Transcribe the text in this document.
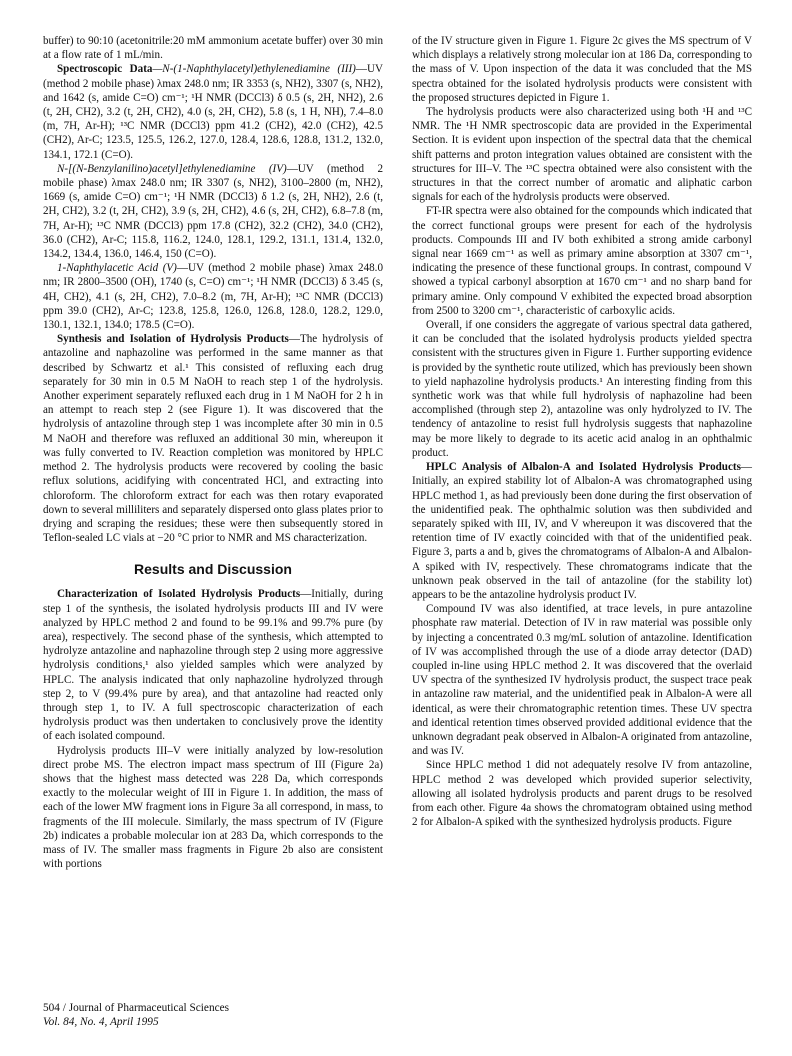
buffer) to 90:10 (acetonitrile:20 mM ammonium acetate buffer) over 30 min at a flow rate of 1 mL/min.

Spectroscopic Data—N-(1-Naphthylacetyl)ethylenediamine (III)—UV (method 2 mobile phase) λmax 248.0 nm; IR 3353 (s, NH2), 3307 (s, NH2), and 1642 (s, amide C=O) cm⁻¹; ¹H NMR (DCCl3) δ 0.5 (s, 2H, NH2), 2.6 (t, 2H, CH2), 3.2 (t, 2H, CH2), 4.0 (s, 2H, CH2), 5.8 (s, 1 H, NH), 7.4–8.0 (m, 7H, Ar-H); ¹³C NMR (DCCl3) ppm 41.2 (CH2), 42.0 (CH2), 42.5 (CH2), Ar-C; 123.5, 125.5, 126.2, 127.0, 128.4, 128.6, 128.8, 131.2, 132.0, 134.1, 172.1 (C=O).

N-[(N-Benzylanilino)acetyl]ethylenediamine (IV)—UV (method 2 mobile phase) λmax 248.0 nm; IR 3307 (s, NH2), 3100–2800 (m, NH2), 1669 (s, amide C=O) cm⁻¹; ¹H NMR (DCCl3) δ 1.2 (s, 2H, NH2), 2.6 (t, 2H, CH2), 3.2 (t, 2H, CH2), 3.9 (s, 2H, CH2), 4.6 (s, 2H, CH2), 6.8–7.8 (m, 7H, Ar-H); ¹³C NMR (DCCl3) ppm 17.8 (CH2), 32.2 (CH2), 34.0 (CH2), 36.0 (CH2), Ar-C; 115.8, 116.2, 124.0, 128.1, 129.2, 131.1, 131.4, 132.0, 134.2, 134.4, 136.0, 146.4, 150 (C=O).

1-Naphthylacetic Acid (V)—UV (method 2 mobile phase) λmax 248.0 nm; IR 2800–3500 (OH), 1740 (s, C=O) cm⁻¹; ¹H NMR (DCCl3) δ 3.45 (s, 4H, CH2), 4.1 (s, 2H, CH2), 7.0–8.2 (m, 7H, Ar-H); ¹³C NMR (DCCl3) ppm 39.0 (CH2), Ar-C; 123.8, 125.8, 126.0, 126.8, 128.0, 128.2, 129.0, 130.1, 132.1, 134.0; 178.5 (C=O).

Synthesis and Isolation of Hydrolysis Products—The hydrolysis of antazoline and naphazoline was performed in the same manner as that described by Schwartz et al.¹ This consisted of refluxing each drug separately for 30 min in 0.5 M NaOH to reach step 1 of the hydrolysis. Another experiment separately refluxed each drug in 1 M NaOH for 2 h in an attempt to reach step 2 (see Figure 1). It was discovered that the hydrolysis of antazoline through step 1 was incomplete after 30 min in 0.5 M NaOH and therefore was refluxed an additional 30 min, whereupon it was fully converted to IV. Reaction completion was monitored by HPLC method 2. The hydrolysis products were recovered by cooling the basic reflux solutions, acidifying with concentrated HCl, and extracting into chloroform. The chloroform extract for each was then rotary evaporated down to several milliliters and separately dispersed onto glass plates prior to drying and scraping the residues; these were then subsequently stored in Teflon-sealed LC vials at −20 °C prior to NMR and MS characterization.

Results and Discussion

Characterization of Isolated Hydrolysis Products—Initially, during step 1 of the synthesis, the isolated hydrolysis products III and IV were analyzed by HPLC method 2 and found to be 99.1% and 99.7% pure (by area), respectively. The second phase of the synthesis, which attempted to hydrolyze antazoline and naphazoline through step 2 using more aggressive hydrolysis conditions,¹ also yielded samples which were analyzed by HPLC. The analysis indicated that only naphazoline hydrolyzed through step 2, to V (99.4% pure by area), and that antazoline had reacted only through step 1, to IV. A full spectroscopic characterization of each hydrolysis product was then undertaken to conclusively prove the identity of each isolated compound.

Hydrolysis products III–V were initially analyzed by low-resolution direct probe MS. The electron impact mass spectrum of III (Figure 2a) shows that the highest mass detected was 228 Da, which corresponds exactly to the molecular weight of III in Figure 1. In addition, the mass of each of the lower MW fragment ions in Figure 3a all correspond, in mass, to fragments of the III molecule. Similarly, the mass spectrum of IV (Figure 2b) indicates a probable molecular ion at 283 Da, which corresponds to the mass of IV. The smaller mass fragments in Figure 2b also are consistent with portions

of the IV structure given in Figure 1. Figure 2c gives the MS spectrum of V which displays a relatively strong molecular ion at 186 Da, corresponding to the mass of V. Upon inspection of the data it was concluded that the MS spectra obtained for the isolated hydrolysis products were consistent with the proposed structures depicted in Figure 1.

The hydrolysis products were also characterized using both ¹H and ¹³C NMR. The ¹H NMR spectroscopic data are provided in the Experimental Section. It is evident upon inspection of the spectral data that the chemical shift patterns and proton integration values obtained are consistent with the structures for III–V. The ¹³C spectra obtained were also consistent with the structures in that the correct number of aromatic and aliphatic carbon signals for each of the hydrolysis products were observed.

FT-IR spectra were also obtained for the compounds which indicated that the correct functional groups were present for each of the hydrolysis products. Compounds III and IV both exhibited a strong amide carbonyl signal near 1669 cm⁻¹ as well as primary amine absorption at 3307 cm⁻¹, indicating the presence of these functional groups. In contrast, compound V showed a typical carbonyl absorption at 1670 cm⁻¹ and no sharp band for primary amine. Only compound V exhibited the expected broad absorption from 2500 to 3200 cm⁻¹, characteristic of carboxylic acids.

Overall, if one considers the aggregate of various spectral data gathered, it can be concluded that the isolated hydrolysis products yielded spectra consistent with the structures given in Figure 1. Further supporting evidence is provided by the synthetic route utilized, which has previously been shown to yield naphazoline hydrolysis products.¹ An interesting finding from this synthetic work was that while full hydrolysis of naphazoline had been accomplished (through step 2), antazoline was only hydrolyzed to IV. The tendency of antazoline to resist full hydrolysis suggests that naphazoline may be more likely to degrade to its acetic acid analog in an ophthalmic product.

HPLC Analysis of Albalon-A and Isolated Hydrolysis Products—Initially, an expired stability lot of Albalon-A was chromatographed using HPLC method 1, as had previously been done during the first observation of the unidentified peak. The ophthalmic solution was then subdivided and separately spiked with III, IV, and V whereupon it was discovered that the retention time of IV exactly coincided with that of the unidentified peak. Figure 3, parts a and b, gives the chromatograms of Albalon-A and Albalon-A spiked with IV, respectively. These chromatograms indicate that the unknown peak observed in the tail of antazoline (for the stability lot) appears to be the antazoline hydrolysis product IV.

Compound IV was also identified, at trace levels, in pure antazoline phosphate raw material. Detection of IV in raw material was possible only by injecting a concentrated 0.3 mg/mL solution of antazoline. Identification of IV was accomplished through the use of a diode array detector (DAD) coupled in-line using HPLC method 2. It was discovered that the overlaid UV spectra of the synthesized IV hydrolysis product, the suspect trace peak in antazoline raw material, and the unidentified peak in Albalon-A were all identical, as were their chromatographic retention times. These UV spectra and identical retention times observed provided additional evidence that the unknown degradant peak observed in Albalon-A originated from antazoline, and was IV.

Since HPLC method 1 did not adequately resolve IV from antazoline, HPLC method 2 was developed which provided superior selectivity, allowing all isolated hydrolysis products and parent drugs to be resolved from each other. Figure 4a shows the chromatogram obtained using method 2 for Albalon-A spiked with the synthesized hydrolysis products. Figure

504 / Journal of Pharmaceutical Sciences
Vol. 84, No. 4, April 1995
